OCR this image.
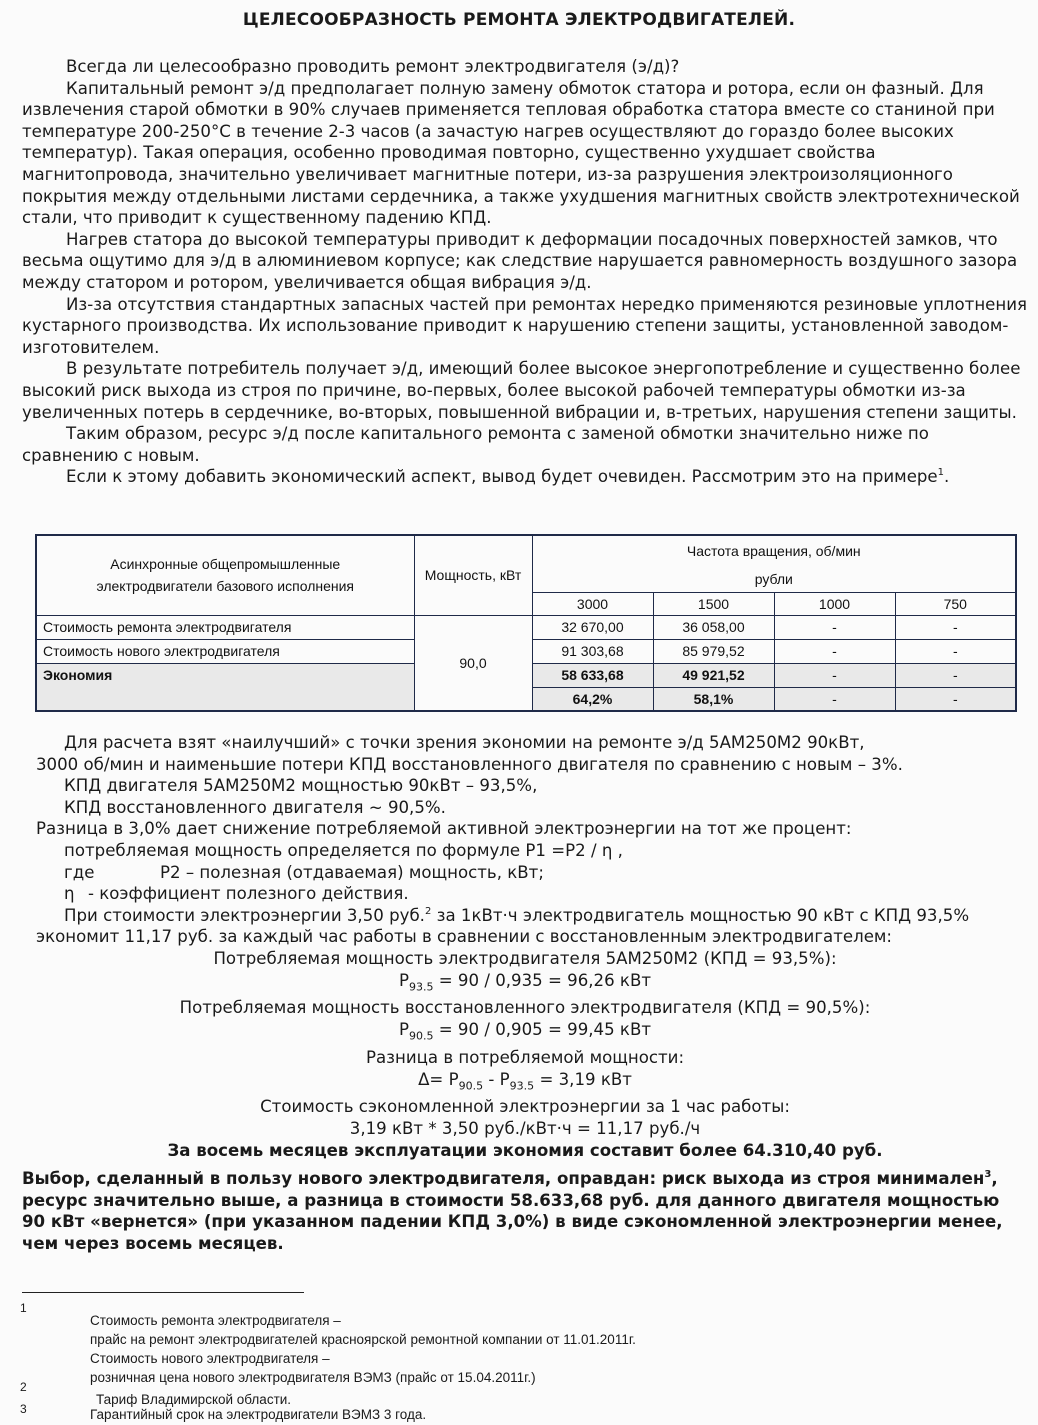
ЦЕЛЕСООБРАЗНОСТЬ РЕМОНТА ЭЛЕКТРОДВИГАТЕЛЕЙ.

Всегда ли целесообразно проводить ремонт электродвигателя (э/д)?

Капитальный ремонт э/д предполагает полную замену обмоток статора и ротора, если он фазный. Для извлечения старой обмотки в 90% случаев применяется тепловая обработка статора вместе со станиной при температуре 200-250°С в течение 2-3 часов (а зачастую нагрев осуществляют до гораздо более высоких температур). Такая операция, особенно проводимая повторно, существенно ухудшает свойства магнитопровода, значительно увеличивает магнитные потери, из-за разрушения электроизоляционного покрытия между отдельными листами сердечника, а также ухудшения магнитных свойств электротехнической стали, что приводит к существенному падению КПД.

Нагрев статора до высокой температуры приводит к деформации посадочных поверхностей замков, что весьма ощутимо для э/д в алюминиевом корпусе; как следствие нарушается равномерность воздушного зазора между статором и ротором, увеличивается общая вибрация э/д.

Из-за отсутствия стандартных запасных частей при ремонтах нередко применяются резиновые уплотнения кустарного производства. Их использование приводит к нарушению степени защиты, установленной заводом-изготовителем.

В результате потребитель получает э/д, имеющий более высокое энергопотребление и существенно более высокий риск выхода из строя по причине, во-первых, более высокой рабочей температуры обмотки из-за увеличенных потерь в сердечнике, во-вторых, повышенной вибрации и, в-третьих, нарушения степени защиты.

Таким образом, ресурс э/д после капитального ремонта с заменой обмотки значительно ниже по сравнению с новым.

Если к этому добавить экономический аспект, вывод будет очевиден. Рассмотрим это на примере$^1$.

Асинхронные общепромышленные электродвигатели базового исполнения	Мощность, кВт	Частота вращения, об/мин			
		рубли			
		3000	1500	1000	750
Стоимость ремонта электродвигателя	90,0	32 670,00	36 058,00	-	-
Стоимость нового электродвигателя		91 303,68	85 979,52	-	-
Экономия		58 633,68	49 921,52	-	-
		64,2%	58,1%	-	-

Для расчета взят «наилучший» с точки зрения экономии на ремонте э/д 5АМ250М2 90кВт,

3000 об/мин и наименьшие потери КПД восстановленного двигателя по сравнению с новым – 3%.

КПД двигателя 5АМ250М2 мощностью 90кВт – 93,5%,

КПД восстановленного двигателя ~ 90,5%.

Разница в 3,0% дает снижение потребляемой активной электроэнергии на тот же процент:

потребляемая мощность определяется по формуле Р1 =Р2 / η ,

где	Р2 – полезная (отдаваемая) мощность, кВт;

η - коэффициент полезного действия.

При стоимости электроэнергии 3,50 руб.$^2$ за 1кВт·ч электродвигатель мощностью 90 кВт с КПД 93,5%

экономит 11,17 руб. за каждый час работы в сравнении с восстановленным электродвигателем:

Потребляемая мощность электродвигателя 5АМ250М2 (КПД = 93,5%):

$Р_{93.5} = 90 / 0,935 = 96,26$ кВт

Потребляемая мощность восстановленного электродвигателя (КПД = 90,5%):

$Р_{90.5} = 90 / 0,905 = 99,45$ кВт

Разница в потребляемой мощности:

$\Delta= Р_{90.5} - Р_{93.5} = 3,19$ кВт

Стоимость сэкономленной электроэнергии за 1 час работы:

3,19 кВт * 3,50 руб./кВт·ч = 11,17 руб./ч

За восемь месяцев эксплуатации экономия составит более 64.310,40 руб.

Выбор, сделанный в пользу нового электродвигателя, оправдан: риск выхода из строя минимален$^3$, ресурс значительно выше, а разница в стоимости 58.633,68 руб. для данного двигателя мощностью 90 кВт «вернется» (при указанном падении КПД 3,0%) в виде сэкономленной электроэнергии менее, чем через восемь месяцев.

1
Стоимость ремонта электродвигателя –
прайс на ремонт электродвигателей красноярской ремонтной компании от 11.01.2011г.
Стоимость нового электродвигателя –
розничная цена нового электродвигателя ВЭМЗ (прайс от 15.04.2011г.)
2
Тариф Владимирской области.
3	Гарантийный срок на электродвигатели ВЭМЗ 3 года.
